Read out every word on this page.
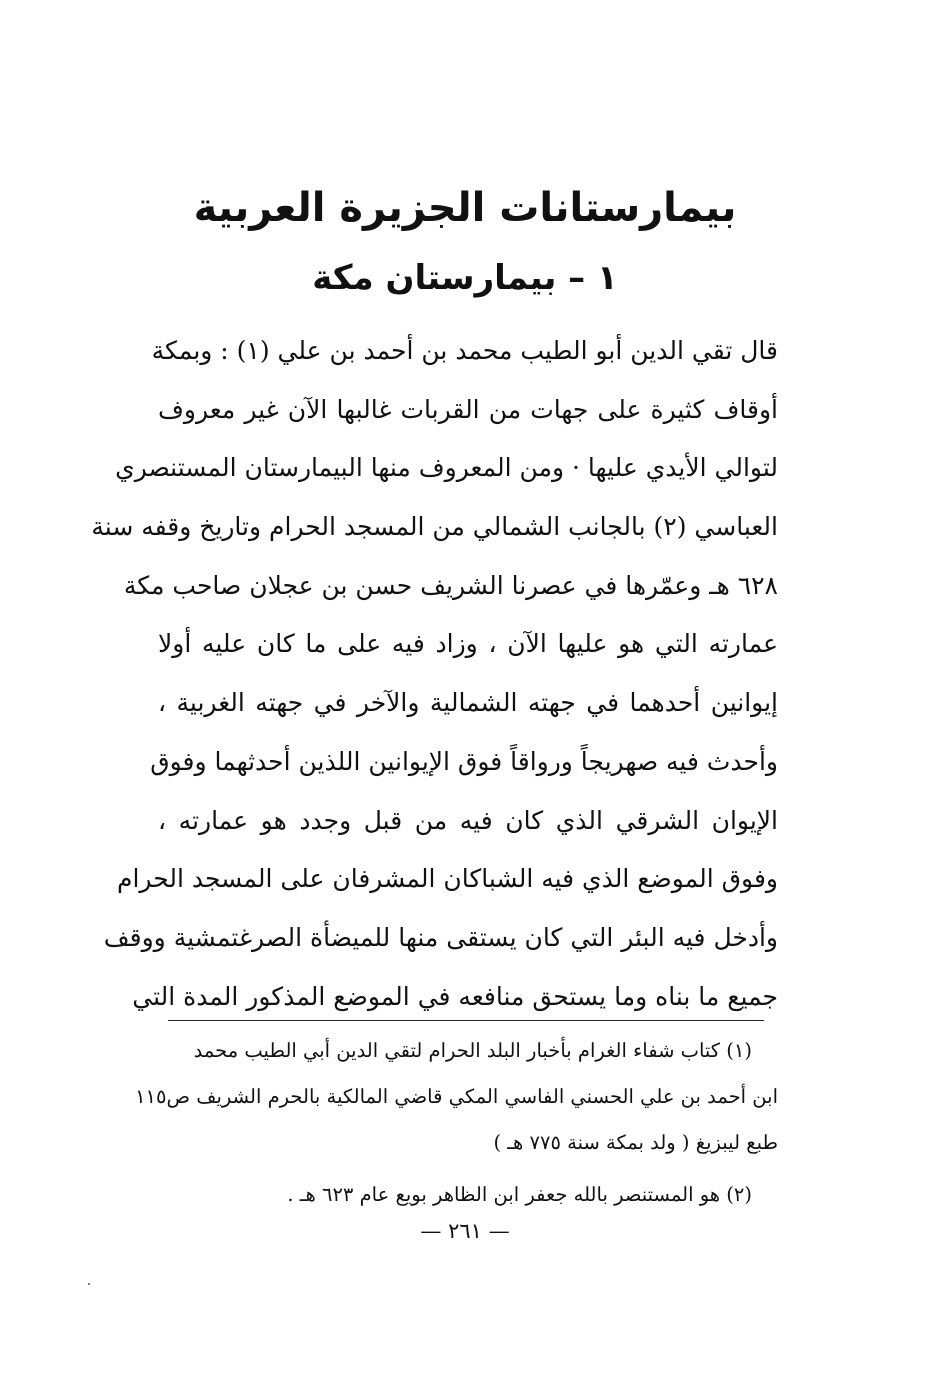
بيمارستانات الجزيرة العربية
١ – بيمارستان مكة
قال تقي الدين أبو الطيب محمد بن أحمد بن علي (١) : وبمكة
أوقاف كثيرة على جهات من القربات غالبها الآن غير معروف
لتوالي الأيدي عليها · ومن المعروف منها البيمارستان المستنصري
العباسي (٢) بالجانب الشمالي من المسجد الحرام وتاريخ وقفه سنة
٦٢٨ هـ وعمّرها في عصرنا الشريف حسن بن عجلان صاحب مكة
عمارته التي هو عليها الآن ، وزاد فيه على ما كان عليه أولا
إيوانين أحدهما في جهته الشمالية والآخر في جهته الغربية ،
وأحدث فيه صهريجاً ورواقاً فوق الإيوانين اللذين أحدثهما وفوق
الإيوان الشرقي الذي كان فيه من قبل وجدد هو عمارته ،
وفوق الموضع الذي فيه الشباكان المشرفان على المسجد الحرام
وأدخل فيه البئر التي كان يستقى منها للميضأة الصرغتمشية ووقف
جميع ما بناه وما يستحق منافعه في الموضع المذكور المدة التي
(١) كتاب شفاء الغرام بأخبار البلد الحرام لتقي الدين أبي الطيب محمد
ابن أحمد بن علي الحسني الفاسي المكي قاضي المالكية بالحرم الشريف ص١١٥
طبع ليبزيغ ( ولد بمكة سنة ٧٧٥ هـ )
(٢) هو المستنصر بالله جعفر ابن الظاهر بويع عام ٦٢٣ هـ .
— ٢٦١ —
